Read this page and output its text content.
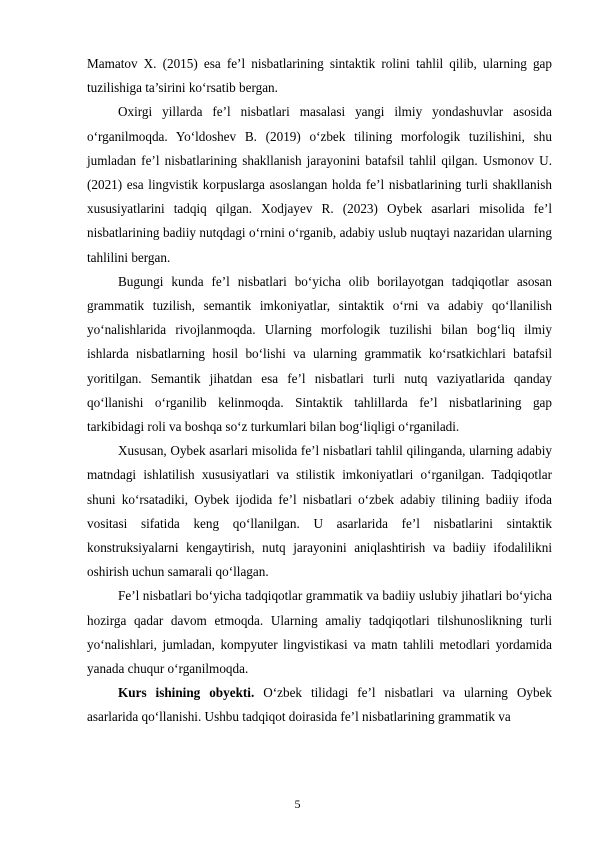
Mamatov X. (2015) esa fe’l nisbatlarining sintaktik rolini tahlil qilib, ularning gap tuzilishiga ta’sirini ko‘rsatib bergan.

Oxirgi yillarda fe’l nisbatlari masalasi yangi ilmiy yondashuvlar asosida o‘rganilmoqda. Yo‘ldoshev B. (2019) o‘zbek tilining morfologik tuzilishini, shu jumladan fe’l nisbatlarining shakllanish jarayonini batafsil tahlil qilgan. Usmonov U. (2021) esa lingvistik korpuslarga asoslangan holda fe’l nisbatlarining turli shakllanish xususiyatlarini tadqiq qilgan. Xodjayev R. (2023) Oybek asarlari misolida fe’l nisbatlarining badiiy nutqdagi o‘rnini o‘rganib, adabiy uslub nuqtayi nazaridan ularning tahlilini bergan.

Bugungi kunda fe’l nisbatlari bo‘yicha olib borilayotgan tadqiqotlar asosan grammatik tuzilish, semantik imkoniyatlar, sintaktik o‘rni va adabiy qo‘llanilish yo‘nalishlarida rivojlanmoqda. Ularning morfologik tuzilishi bilan bog‘liq ilmiy ishlarda nisbatlarning hosil bo‘lishi va ularning grammatik ko‘rsatkichlari batafsil yoritilgan. Semantik jihatdan esa fe’l nisbatlari turli nutq vaziyatlarida qanday qo‘llanishi o‘rganilib kelinmoqda. Sintaktik tahlillarda fe’l nisbatlarining gap tarkibidagi roli va boshqa so‘z turkumlari bilan bog‘liqligi o‘rganiladi.

Xususan, Oybek asarlari misolida fe’l nisbatlari tahlil qilinganda, ularning adabiy matndagi ishlatilish xususiyatlari va stilistik imkoniyatlari o‘rganilgan. Tadqiqotlar shuni ko‘rsatadiki, Oybek ijodida fe’l nisbatlari o‘zbek adabiy tilining badiiy ifoda vositasi sifatida keng qo‘llanilgan. U asarlarida fe’l nisbatlarini sintaktik konstruksiyalarni kengaytirish, nutq jarayonini aniqlashtirish va badiiy ifodalilikni oshirish uchun samarali qo‘llagan.

Fe’l nisbatlari bo‘yicha tadqiqotlar grammatik va badiiy uslubiy jihatlari bo‘yicha hozirga qadar davom etmoqda. Ularning amaliy tadqiqotlari tilshunoslikning turli yo‘nalishlari, jumladan, kompyuter lingvistikasi va matn tahlili metodlari yordamida yanada chuqur o‘rganilmoqda.

Kurs ishining obyekti. O‘zbek tilidagi fe’l nisbatlari va ularning Oybek asarlarida qo‘llanishi. Ushbu tadqiqot doirasida fe’l nisbatlarining grammatik va

5
